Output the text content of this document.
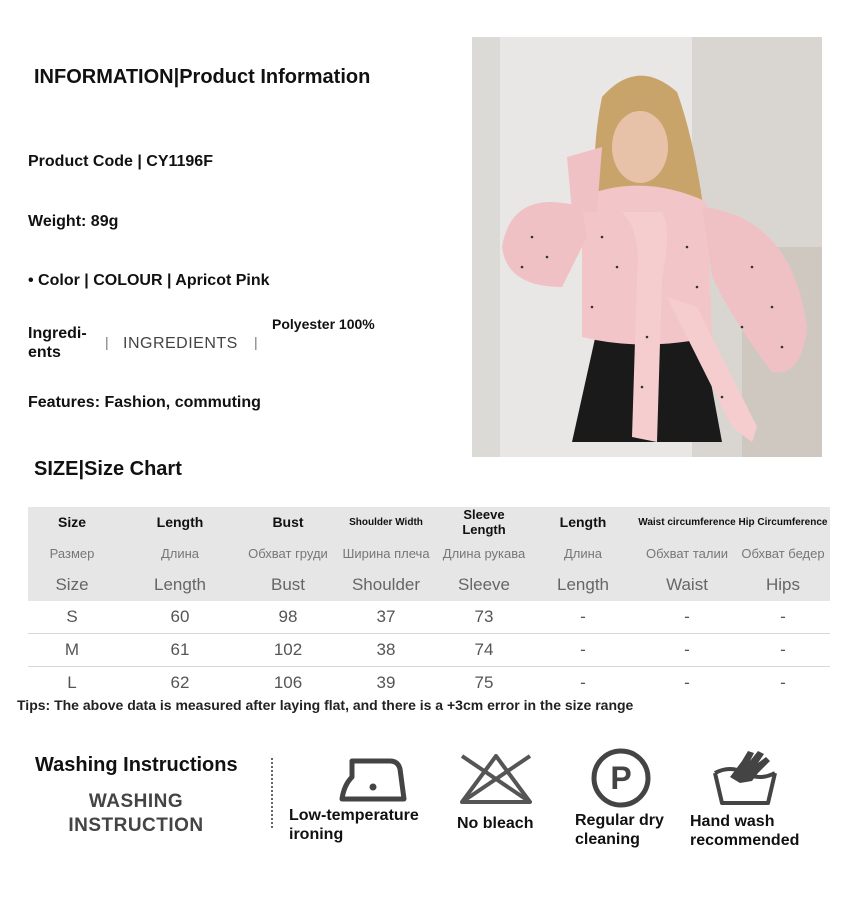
INFORMATION|Product Information
Product Code | CY1196F
Weight: 89g
• Color | COLOUR | Apricot Pink
Ingredi- ents
| INGREDIENTS |
Polyester 100%
Features: Fashion, commuting
SIZE|Size Chart
Size	Length	Bust	Shoulder Width	Sleeve Length	Length	Waist circumference	Hip Circumference
Размер	Длина	Обхват груди	Ширина плеча	Длина рукава	Длина	Обхват талии	Обхват бедер
Size	Length	Bust	Shoulder	Sleeve	Length	Waist	Hips
S	60	98	37	73	-	-	-
M	61	102	38	74	-	-	-
L	62	106	39	75	-	-	-
Tips: The above data is measured after laying flat, and there is a +3cm error in the size range
Washing Instructions
WASHING INSTRUCTION	Low-temperature ironing
No bleach
P
Regular dry cleaning
Hand wash recommended
